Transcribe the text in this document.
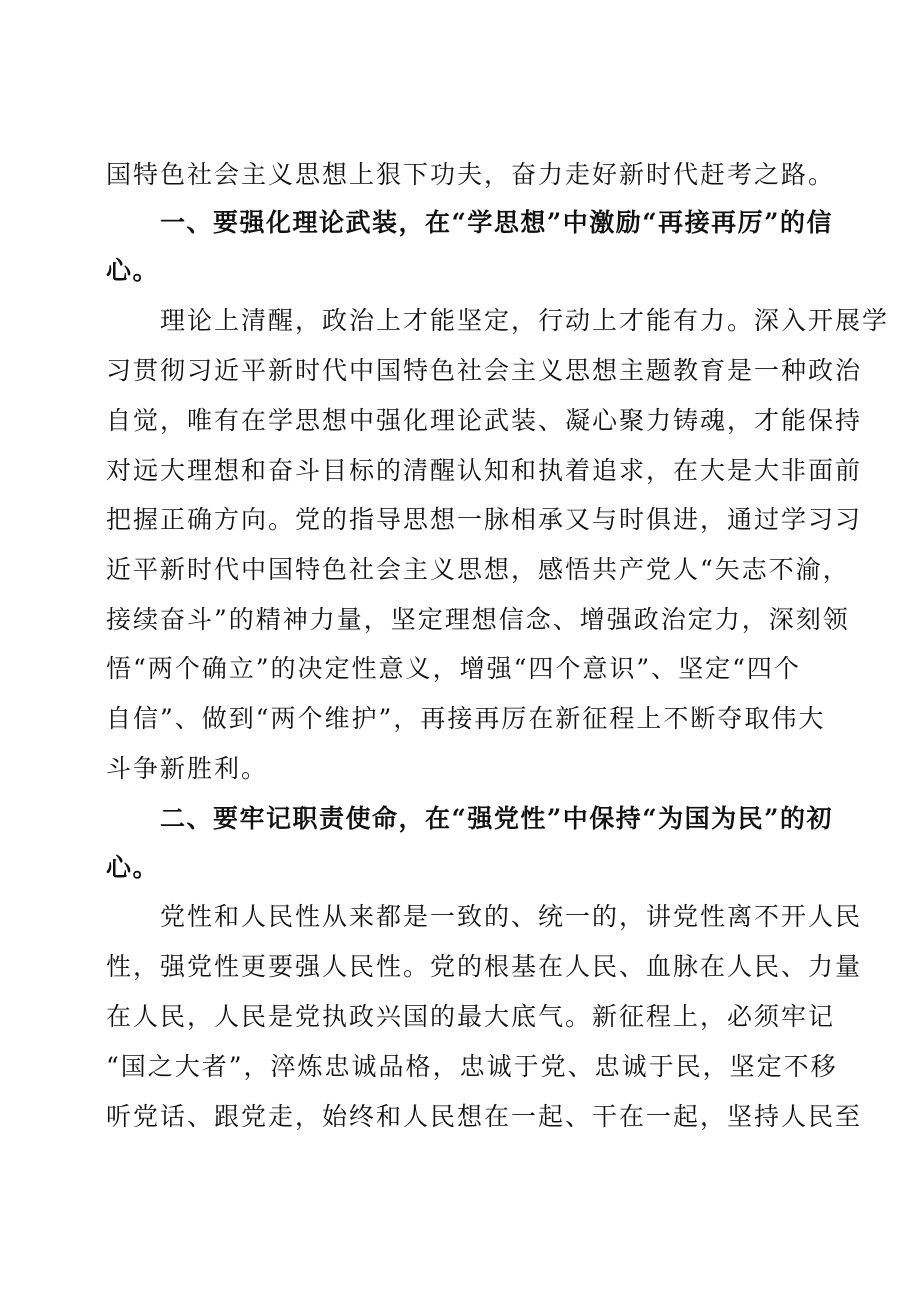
国特色社会主义思想上狠下功夫，奋力走好新时代赶考之路。
一、要强化理论武装，在“学思想”中激励“再接再厉”的信
心。
理论上清醒，政治上才能坚定，行动上才能有力。深入开展学
习贯彻习近平新时代中国特色社会主义思想主题教育是一种政治
自觉，唯有在学思想中强化理论武装、凝心聚力铸魂，才能保持
对远大理想和奋斗目标的清醒认知和执着追求，在大是大非面前
把握正确方向。党的指导思想一脉相承又与时俱进，通过学习习
近平新时代中国特色社会主义思想，感悟共产党人“矢志不渝，
接续奋斗”的精神力量，坚定理想信念、增强政治定力，深刻领
悟“两个确立”的决定性意义，增强“四个意识”、坚定“四个
自信”、做到“两个维护”，再接再厉在新征程上不断夺取伟大
斗争新胜利。
二、要牢记职责使命，在“强党性”中保持“为国为民”的初
心。
党性和人民性从来都是一致的、统一的，讲党性离不开人民
性，强党性更要强人民性。党的根基在人民、血脉在人民、力量
在人民，人民是党执政兴国的最大底气。新征程上，必须牢记
“国之大者”，淬炼忠诚品格，忠诚于党、忠诚于民，坚定不移
听党话、跟党走，始终和人民想在一起、干在一起，坚持人民至
